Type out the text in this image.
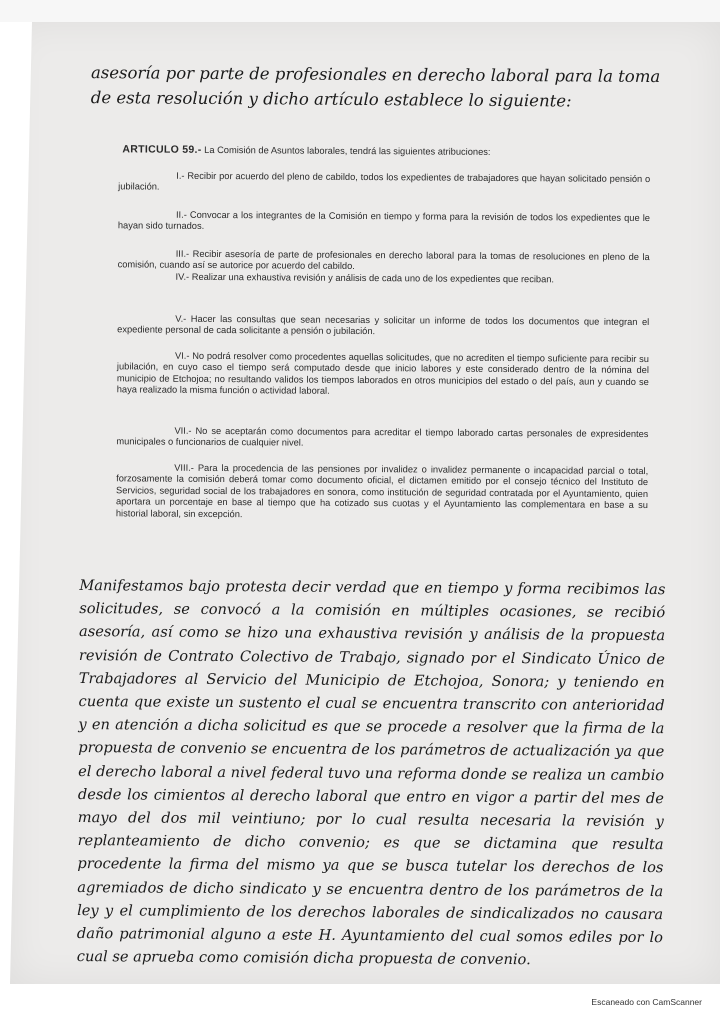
asesoría por parte de profesionales en derecho laboral para la toma de esta resolución y dicho artículo establece lo siguiente:

ARTICULO 59.- La Comisión de Asuntos laborales, tendrá las siguientes atribuciones:

I.- Recibir por acuerdo del pleno de cabildo, todos los expedientes de trabajadores que hayan solicitado pensión o jubilación.

II.- Convocar a los integrantes de la Comisión en tiempo y forma para la revisión de todos los expedientes que le hayan sido turnados.

III.- Recibir asesoría de parte de profesionales en derecho laboral para la tomas de resoluciones en pleno de la comisión, cuando así se autorice por acuerdo del cabildo.

IV.- Realizar una exhaustiva revisión y análisis de cada uno de los expedientes que reciban.

V.- Hacer las consultas que sean necesarias y solicitar un informe de todos los documentos que integran el expediente personal de cada solicitante a pensión o jubilación.

VI.- No podrá resolver como procedentes aquellas solicitudes, que no acrediten el tiempo suficiente para recibir su jubilación, en cuyo caso el tiempo será computado desde que inicio labores y este considerado dentro de la nómina del municipio de Etchojoa; no resultando validos los tiempos laborados en otros municipios del estado o del país, aun y cuando se haya realizado la misma función o actividad laboral.

VII.- No se aceptarán como documentos para acreditar el tiempo laborado cartas personales de expresidentes municipales o funcionarios de cualquier nivel.

VIII.- Para la procedencia de las pensiones por invalidez o invalidez permanente o incapacidad parcial o total, forzosamente la comisión deberá tomar como documento oficial, el dictamen emitido por el consejo técnico del Instituto de Servicios, seguridad social de los trabajadores en sonora, como institución de seguridad contratada por el Ayuntamiento, quien aportara un porcentaje en base al tiempo que ha cotizado sus cuotas y el Ayuntamiento las complementara en base a su historial laboral, sin excepción.

Manifestamos bajo protesta decir verdad que en tiempo y forma recibimos las solicitudes, se convocó a la comisión en múltiples ocasiones, se recibió asesoría, así como se hizo una exhaustiva revisión y análisis de la propuesta revisión de Contrato Colectivo de Trabajo, signado por el Sindicato Único de Trabajadores al Servicio del Municipio de Etchojoa, Sonora; y teniendo en cuenta que existe un sustento el cual se encuentra transcrito con anterioridad y en atención a dicha solicitud es que se procede a resolver que la firma de la propuesta de convenio se encuentra de los parámetros de actualización ya que el derecho laboral a nivel federal tuvo una reforma donde se realiza un cambio desde los cimientos al derecho laboral que entro en vigor a partir del mes de mayo del dos mil veintiuno; por lo cual resulta necesaria la revisión y replanteamiento de dicho convenio; es que se dictamina que resulta procedente la firma del mismo ya que se busca tutelar los derechos de los agremiados de dicho sindicato y se encuentra dentro de los parámetros de la ley y el cumplimiento de los derechos laborales de sindicalizados no causara daño patrimonial alguno a este H. Ayuntamiento del cual somos ediles por lo cual se aprueba como comisión dicha propuesta de convenio.

Escaneado con CamScanner
